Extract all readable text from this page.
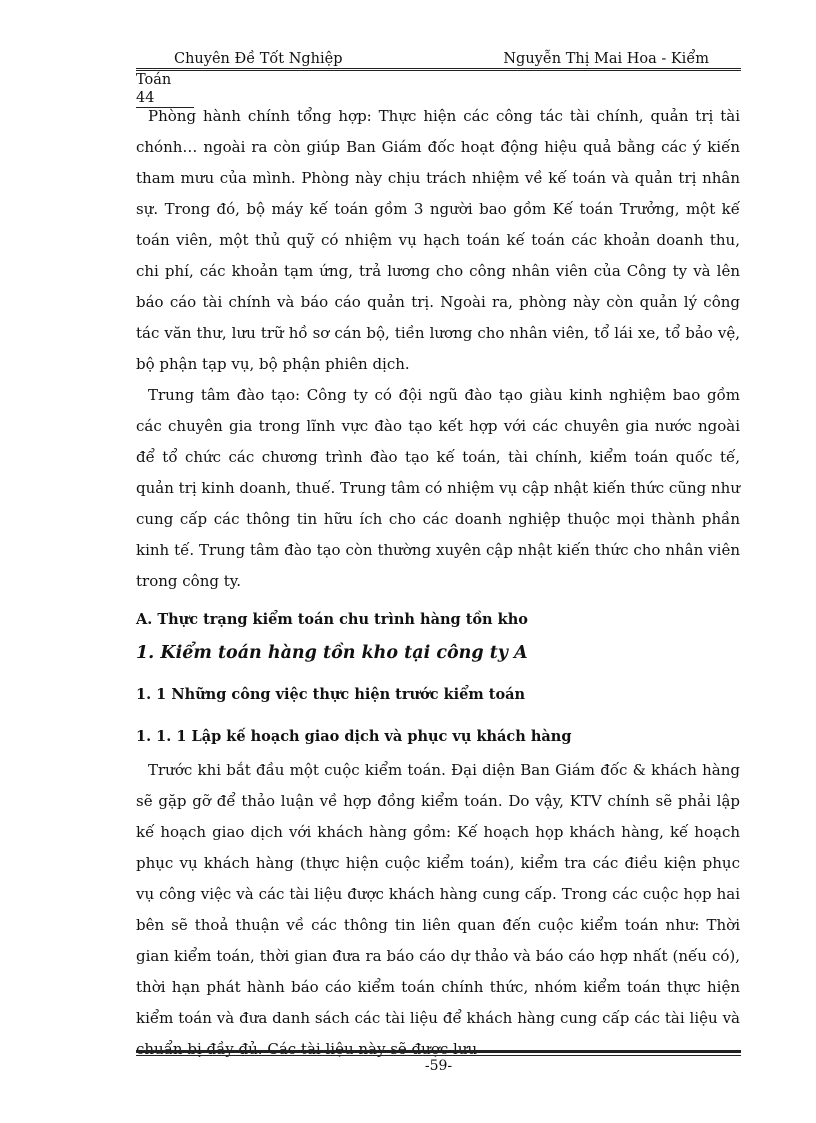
Chuyên Đề Tốt Nghiệp	Nguyễn Thị Mai Hoa - Kiểm
Toán 44

Phòng hành chính tổng hợp: Thực hiện các công tác tài chính, quản trị tài chónh… ngoài ra còn giúp Ban Giám đốc hoạt động hiệu quả bằng các ý kiến tham mưu của mình. Phòng này chịu trách nhiệm về kế toán và quản trị nhân sự. Trong đó, bộ máy kế toán gồm 3 người bao gồm Kế toán Trưởng, một kế toán viên, một thủ quỹ có nhiệm vụ hạch toán kế toán các khoản doanh thu, chi phí, các khoản tạm ứng, trả lương cho công nhân viên của Công ty và lên báo cáo tài chính và báo cáo quản trị. Ngoài ra, phòng này còn quản lý công tác văn thư, lưu trữ hồ sơ cán bộ, tiền lương cho nhân viên, tổ lái xe, tổ bảo vệ, bộ phận tạp vụ, bộ phận phiên dịch.

Trung tâm đào tạo: Công ty có đội ngũ đào tạo giàu kinh nghiệm bao gồm các chuyên gia trong lĩnh vực đào tạo kết hợp với các chuyên gia nước ngoài để tổ chức các chương trình đào tạo kế toán, tài chính, kiểm toán quốc tế, quản trị kinh doanh, thuế. Trung tâm có nhiệm vụ cập nhật kiến thức cũng như cung cấp các thông tin hữu ích cho các doanh nghiệp thuộc mọi thành phần kinh tế. Trung tâm đào tạo còn thường xuyên cập nhật kiến thức cho nhân viên trong công ty.

A. Thực trạng kiểm toán chu trình hàng tồn kho
1. Kiểm toán hàng tồn kho tại công ty A
1. 1 Những công việc thực hiện trước kiểm toán
1. 1. 1 Lập kế hoạch giao dịch và phục vụ khách hàng

Trước khi bắt đầu một cuộc kiểm toán. Đại diện Ban Giám đốc & khách hàng sẽ gặp gỡ để thảo luận về hợp đồng kiểm toán. Do vậy, KTV chính sẽ phải lập kế hoạch giao dịch với khách hàng gồm: Kế hoạch họp khách hàng, kế hoạch phục vụ khách hàng (thực hiện cuộc kiểm toán), kiểm tra các điều kiện phục vụ công việc và các tài liệu được khách hàng cung cấp. Trong các cuộc họp hai bên sẽ thoả thuận về các thông tin liên quan đến cuộc kiểm toán như: Thời gian kiểm toán, thời gian đưa ra báo cáo dự thảo và báo cáo hợp nhất (nếu có), thời hạn phát hành báo cáo kiểm toán chính thức, nhóm kiểm toán thực hiện kiểm toán và đưa danh sách các tài liệu để khách hàng cung cấp các tài liệu và chuẩn bị đầy đủ. Các tài liệu này sẽ được lưu

-59-
